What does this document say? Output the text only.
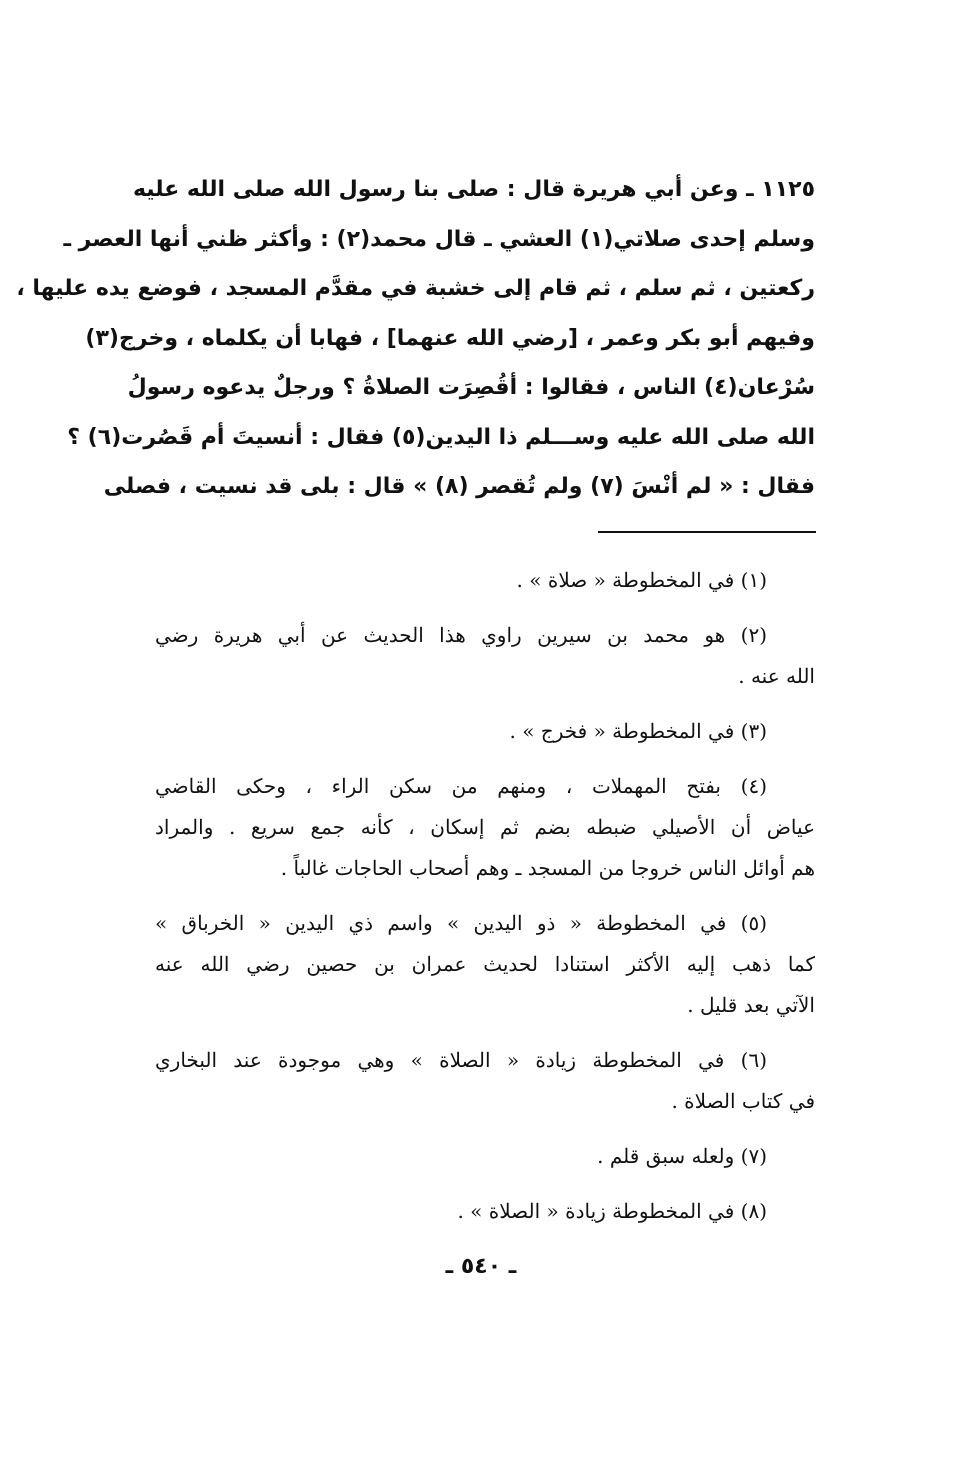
١١٢٥ ـ وعن أبي هريرة قال : صلى بنا رسول الله صلى الله عليه
وسلم إحدى صلاتي(١) العشي ـ قال محمد(٢) : وأكثر ظني أنها العصر ـ
ركعتين ، ثم سلم ، ثم قام إلى خشبة في مقدَّم المسجد ، فوضع يده عليها ،
وفيهم أبو بكر وعمر ، [رضي الله عنهما] ، فهابا أن يكلماه ، وخرج(٣)
سُرْعان(٤) الناس ، فقالوا : أقُصِرَت الصلاةُ ؟ ورجلٌ يدعوه رسولُ
الله صلى الله عليه وســـلم ذا اليدين(٥) فقال : أنسيتَ أم قَصُرت(٦) ؟
فقال : « لم أنْسَ (٧) ولم تُقصر (٨) » قال : بلى قد نسيت ، فصلى
(١) في المخطوطة « صلاة » .
(٢) هو محمد بن سيرين راوي هذا الحديث عن أبي هريرة رضي
الله عنه .
(٣) في المخطوطة « فخرج » .
(٤) بفتح المهملات ، ومنهم من سكن الراء ، وحكى القاضي
عياض أن الأصيلي ضبطه بضم ثم إسكان ، كأنه جمع سريع . والمراد
هم أوائل الناس خروجا من المسجد ـ وهم أصحاب الحاجات غالباً .
(٥) في المخطوطة « ذو اليدين » واسم ذي اليدين « الخرباق »
كما ذهب إليه الأكثر استنادا لحديث عمران بن حصين رضي الله عنه
الآتي بعد قليل .
(٦) في المخطوطة زيادة « الصلاة » وهي موجودة عند البخاري
في كتاب الصلاة .
(٧) ولعله سبق قلم .
(٨) في المخطوطة زيادة « الصلاة » .
ـ ٥٤٠ ـ
